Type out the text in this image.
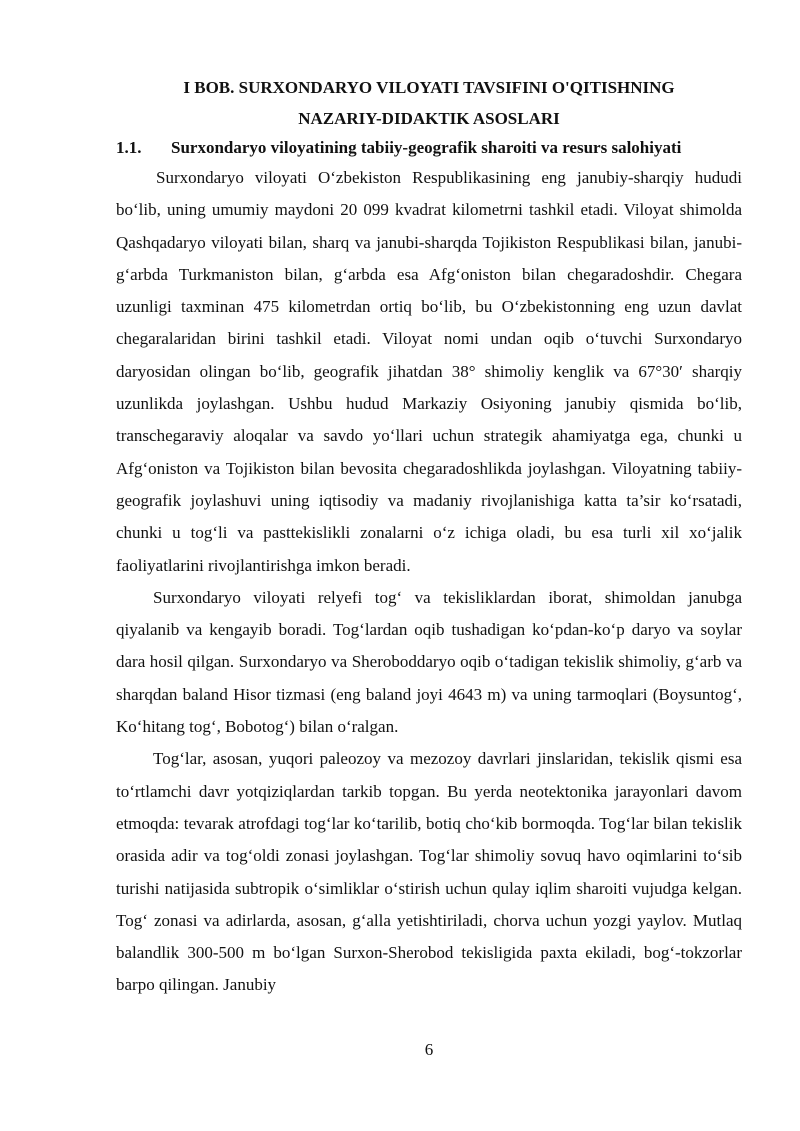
I BOB. SURXONDARYO VILOYATI TAVSIFINI O'QITISHNING

NAZARIY-DIDAKTIK ASOSLARI

1.1.	Surxondaryo viloyatining tabiiy-geografik sharoiti va resurs salohiyati

Surxondaryo viloyati O‘zbekiston Respublikasining eng janubiy-sharqiy hududi bo‘lib, uning umumiy maydoni 20 099 kvadrat kilometrni tashkil etadi. Viloyat shimolda Qashqadaryo viloyati bilan, sharq va janubi-sharqda Tojikiston Respublikasi bilan, janubi-g‘arbda Turkmaniston bilan, g‘arbda esa Afg‘oniston bilan chegaradoshdir. Chegara uzunligi taxminan 475 kilometrdan ortiq bo‘lib, bu O‘zbekistonning eng uzun davlat chegaralaridan birini tashkil etadi. Viloyat nomi undan oqib o‘tuvchi Surxondaryo daryosidan olingan bo‘lib, geografik jihatdan 38° shimoliy kenglik va 67°30′ sharqiy uzunlikda joylashgan. Ushbu hudud Markaziy Osiyoning janubiy qismida bo‘lib, transchegaraviy aloqalar va savdo yo‘llari uchun strategik ahamiyatga ega, chunki u Afg‘oniston va Tojikiston bilan bevosita chegaradoshlikda joylashgan. Viloyatning tabiiy-geografik joylashuvi uning iqtisodiy va madaniy rivojlanishiga katta ta’sir ko‘rsatadi, chunki u tog‘li va pasttekislikli zonalarni o‘z ichiga oladi, bu esa turli xil xo‘jalik faoliyatlarini rivojlantirishga imkon beradi.

Surxondaryo viloyati relyefi tog‘ va tekisliklardan iborat, shimoldan janubga qiyalanib va kengayib boradi. Tog‘lardan oqib tushadigan ko‘pdan-ko‘p daryo va soylar dara hosil qilgan. Surxondaryo va Sheroboddaryo oqib o‘tadigan tekislik shimoliy, g‘arb va sharqdan baland Hisor tizmasi (eng baland joyi 4643 m) va uning tarmoqlari (Boysuntog‘, Ko‘hitang tog‘, Bobotog‘) bilan o‘ralgan.

Tog‘lar, asosan, yuqori paleozoy va mezozoy davrlari jinslaridan, tekislik qismi esa to‘rtlamchi davr yotqiziqlardan tarkib topgan. Bu yerda neotektonika jarayonlari davom etmoqda: tevarak atrofdagi tog‘lar ko‘tarilib, botiq cho‘kib bormoqda. Tog‘lar bilan tekislik orasida adir va tog‘oldi zonasi joylashgan. Tog‘lar shimoliy sovuq havo oqimlarini to‘sib turishi natijasida subtropik o‘simliklar o‘stirish uchun qulay iqlim sharoiti vujudga kelgan. Tog‘ zonasi va adirlarda, asosan, g‘alla yetishtiriladi, chorva uchun yozgi yaylov. Mutlaq balandlik 300-500 m bo‘lgan Surxon-Sherobod tekisligida paxta ekiladi, bog‘-tokzorlar barpo qilingan. Janubiy

6
